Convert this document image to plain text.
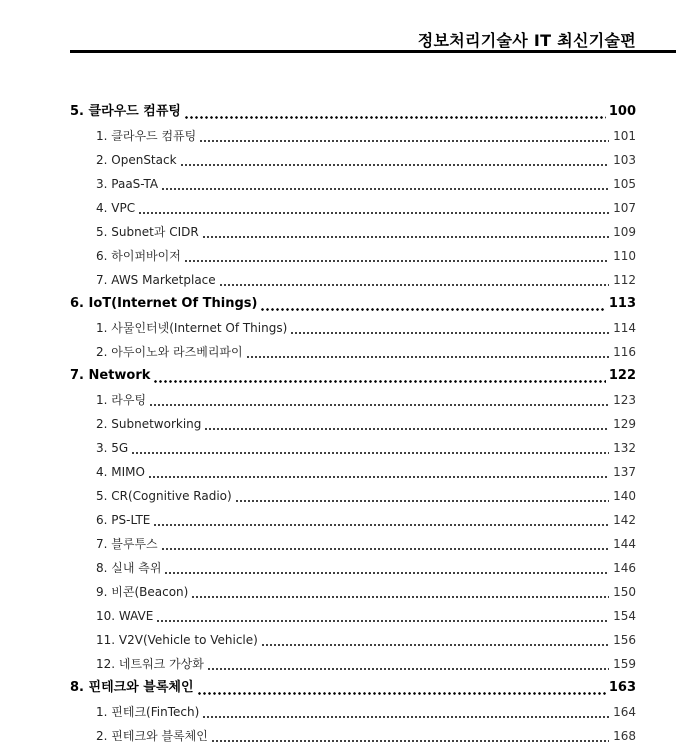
정보처리기술사 IT 최신기술편
5. 클라우드 컴퓨팅	100
1. 클라우드 컴퓨팅	101
2. OpenStack	103
3. PaaS-TA	105
4. VPC	107
5. Subnet과 CIDR	109
6. 하이퍼바이저	110
7. AWS Marketplace	112
6. IoT(Internet Of Things)	113
1. 사물인터넷(Internet Of Things)	114
2. 아두이노와 라즈베리파이	116
7. Network	122
1. 라우팅	123
2. Subnetworking	129
3. 5G	132
4. MIMO	137
5. CR(Cognitive Radio)	140
6. PS-LTE	142
7. 블루투스	144
8. 실내 측위	146
9. 비콘(Beacon)	150
10. WAVE	154
11. V2V(Vehicle to Vehicle)	156
12. 네트워크 가상화	159
8. 핀테크와 블록체인	163
1. 핀테크(FinTech)	164
2. 핀테크와 블록체인	168
